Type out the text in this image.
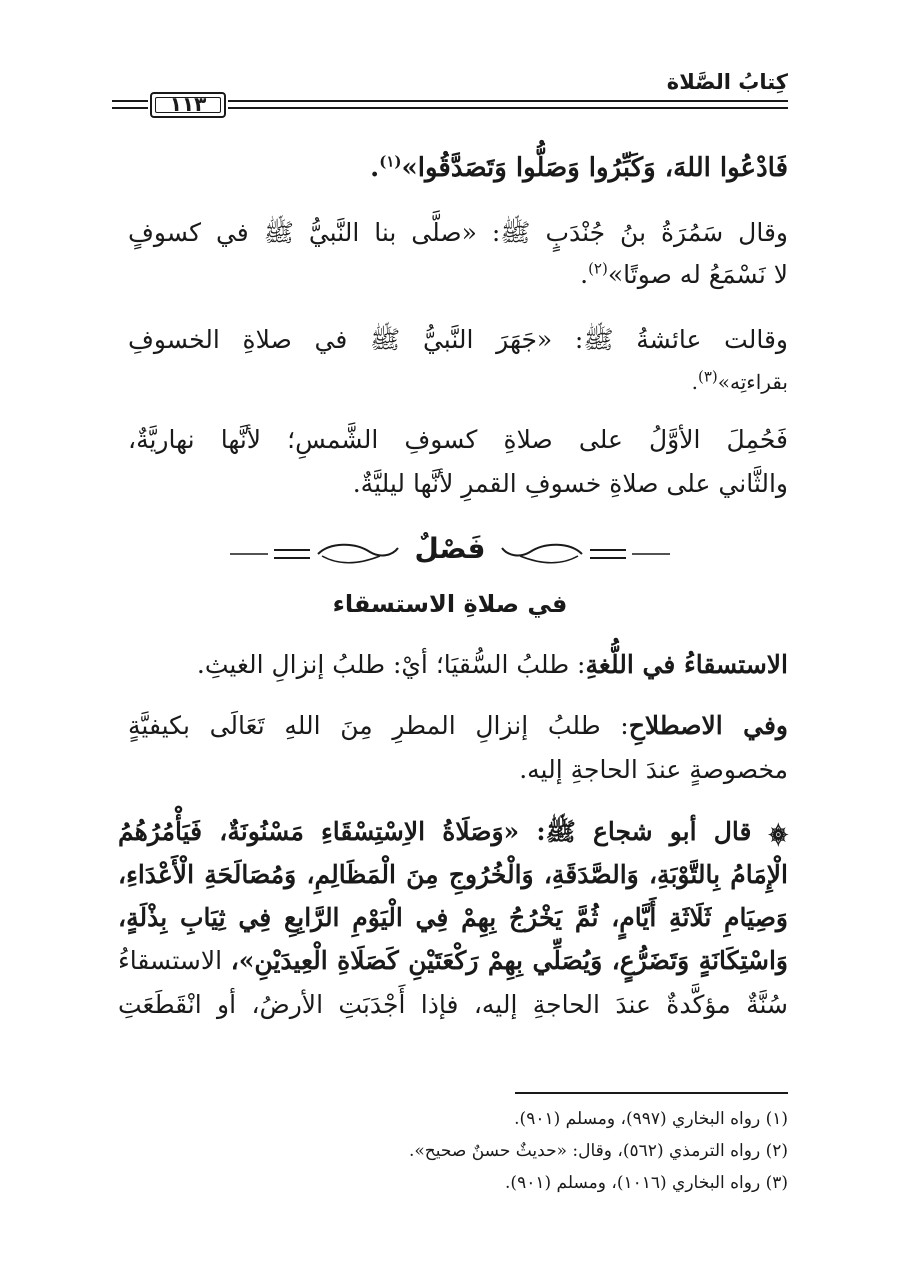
كِتابُ الصَّلاة
١١٣
فَادْعُوا اللهَ، وَكَبِّرُوا وَصَلُّوا وَتَصَدَّقُوا»$^{(١)}$.
وقال سَمُرَةُ بنُ جُنْدَبٍ ﷺ: «صلَّى بنا النَّبيُّ ﷺ في كسوفٍ
لا نَسْمَعُ له صوتًا»$^{(٢)}$.
وقالت عائشةُ ﷺ: «جَهَرَ النَّبيُّ ﷺ في صلاةِ الخسوفِ
بقراءتِه»$^{(٣)}$.
فَحُمِلَ الأوَّلُ على صلاةِ كسوفِ الشَّمسِ؛ لأنَّها نهاريَّةٌ،
والثَّاني على صلاةِ خسوفِ القمرِ لأنَّها ليليَّةٌ.
فَصْلٌ
في صلاةِ الاستسقاء
الاستسقاءُ في اللُّغةِ: طلبُ السُّقيَا؛ أيْ: طلبُ إنزالِ الغيثِ.
وفي الاصطلاحِ: طلبُ إنزالِ المطرِ مِنَ اللهِ تَعَالَى بكيفيَّةٍ
مخصوصةٍ عندَ الحاجةِ إليه.
۞ قال أبو شجاع ﷺ: «وَصَلَاةُ الاِسْتِسْقَاءِ مَسْنُونَةٌ، فَيَأْمُرُهُمُ
الْإِمَامُ بِالتَّوْبَةِ، وَالصَّدَقَةِ، وَالْخُرُوجِ مِنَ الْمَظَالِمِ، وَمُصَالَحَةِ الْأَعْدَاءِ،
وَصِيَامِ ثَلَاثَةِ أَيَّامٍ، ثُمَّ يَخْرُجُ بِهِمْ فِي الْيَوْمِ الرَّابِعِ فِي ثِيَابِ بِذْلَةٍ،
وَاسْتِكَانَةٍ وَتَضَرُّعٍ، وَيُصَلِّي بِهِمْ رَكْعَتَيْنِ كَصَلَاةِ الْعِيدَيْنِ»، الاستسقاءُ
سُنَّةٌ مؤكَّدةٌ عندَ الحاجةِ إليه، فإذا أَجْدَبَتِ الأرضُ، أو انْقَطَعَتِ
(١) رواه البخاري (٩٩٧)، ومسلم (٩٠١).
(٢) رواه الترمذي (٥٦٢)، وقال: «حديثٌ حسنٌ صحيح».
(٣) رواه البخاري (١٠١٦)، ومسلم (٩٠١).
